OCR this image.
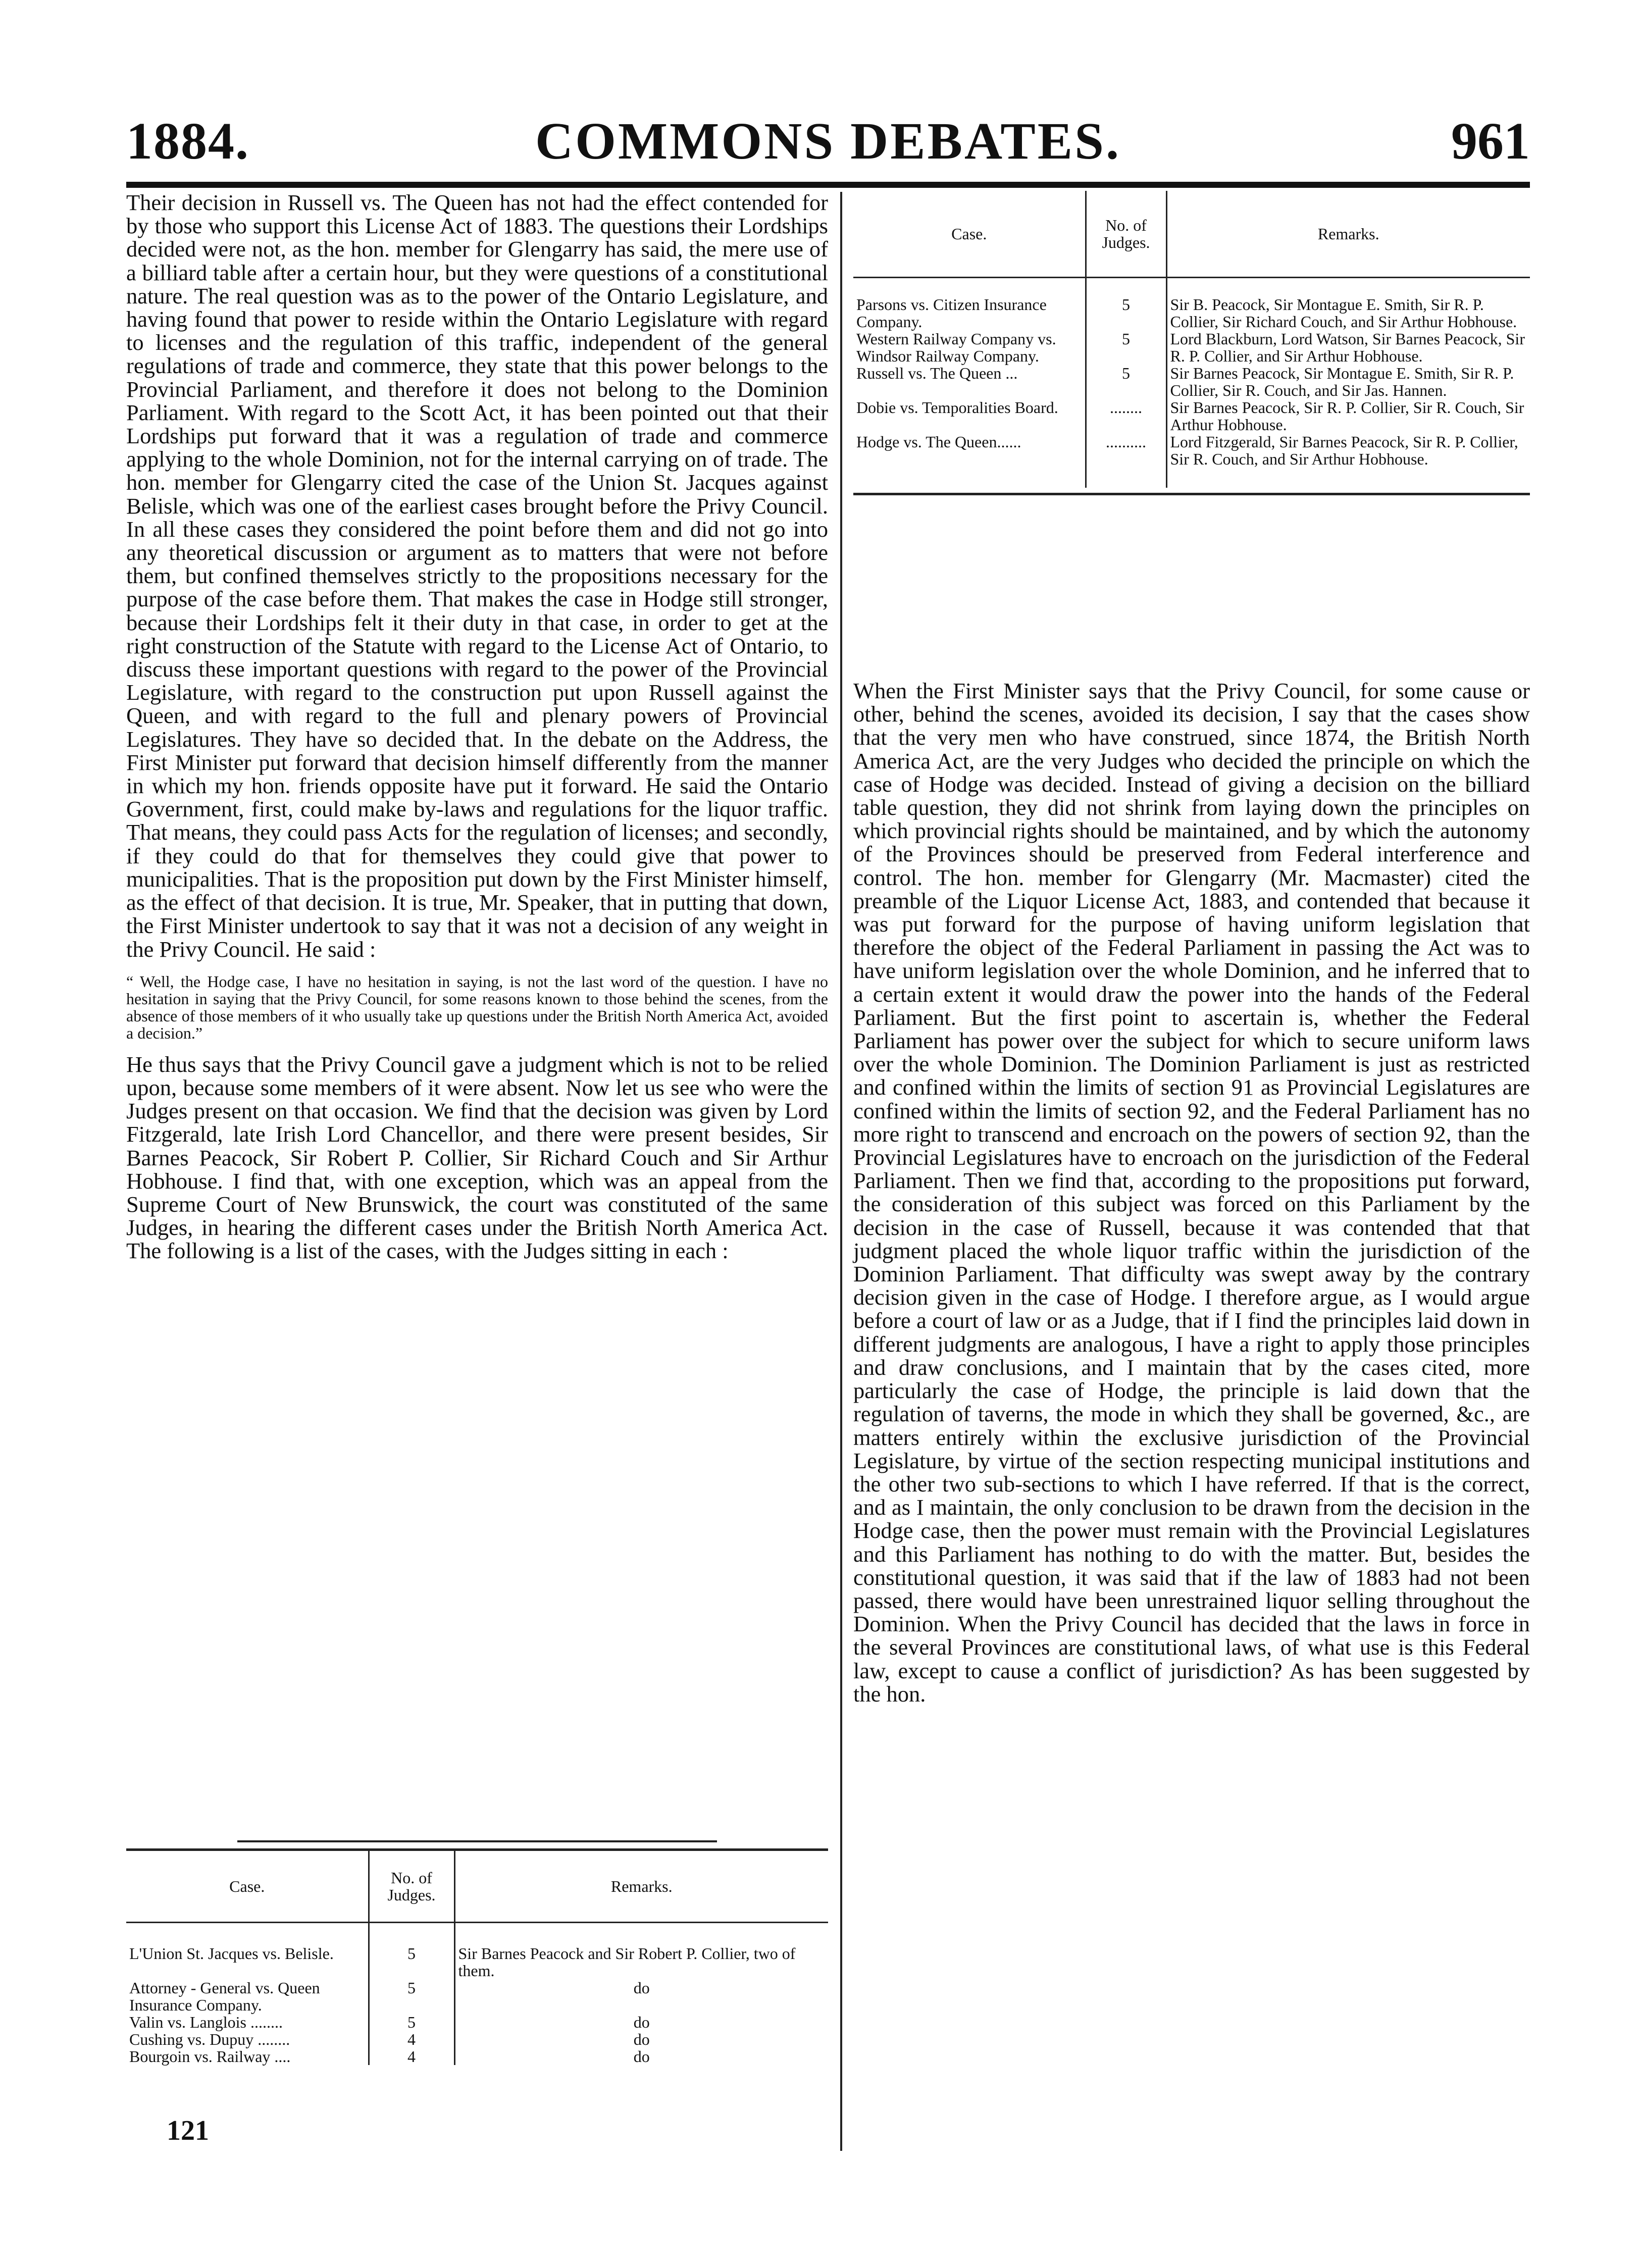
1884.	COMMONS DEBATES.	961

Their decision in Russell vs. The Queen has not had the effect contended for by those who support this License Act of 1883. The questions their Lordships decided were not, as the hon. member for Glengarry has said, the mere use of a billiard table after a certain hour, but they were questions of a constitutional nature. The real question was as to the power of the Ontario Legislature, and having found that power to reside within the Ontario Legislature with regard to licenses and the regulation of this traffic, independent of the general regulations of trade and commerce, they state that this power belongs to the Provincial Parliament, and therefore it does not belong to the Dominion Parliament. With regard to the Scott Act, it has been pointed out that their Lordships put forward that it was a regulation of trade and commerce applying to the whole Dominion, not for the internal carrying on of trade. The hon. member for Glengarry cited the case of the Union St. Jacques against Belisle, which was one of the earliest cases brought before the Privy Council. In all these cases they considered the point before them and did not go into any theoretical discussion or argument as to matters that were not before them, but confined themselves strictly to the propositions necessary for the purpose of the case before them. That makes the case in Hodge still stronger, because their Lordships felt it their duty in that case, in order to get at the right construction of the Statute with regard to the License Act of Ontario, to discuss these important questions with regard to the power of the Provincial Legislature, with regard to the construction put upon Russell against the Queen, and with regard to the full and plenary powers of Provincial Legislatures. They have so decided that. In the debate on the Address, the First Minister put forward that decision himself differently from the manner in which my hon. friends opposite have put it forward. He said the Ontario Government, first, could make by-laws and regulations for the liquor traffic. That means, they could pass Acts for the regulation of licenses; and secondly, if they could do that for themselves they could give that power to municipalities. That is the proposition put down by the First Minister himself, as the effect of that decision. It is true, Mr. Speaker, that in putting that down, the First Minister undertook to say that it was not a decision of any weight in the Privy Council. He said :

“ Well, the Hodge case, I have no hesitation in saying, is not the last word of the question. I have no hesitation in saying that the Privy Council, for some reasons known to those behind the scenes, from the absence of those members of it who usually take up questions under the British North America Act, avoided a decision.”

He thus says that the Privy Council gave a judgment which is not to be relied upon, because some members of it were absent. Now let us see who were the Judges present on that occasion. We find that the decision was given by Lord Fitzgerald, late Irish Lord Chancellor, and there were present besides, Sir Barnes Peacock, Sir Robert P. Collier, Sir Richard Couch and Sir Arthur Hobhouse. I find that, with one exception, which was an appeal from the Supreme Court of New Brunswick, the court was constituted of the same Judges, in hearing the different cases under the British North America Act. The following is a list of the cases, with the Judges sitting in each :

Case.	No. of Judges.	Remarks.

L'Union St. Jacques vs. Belisle.	5	Sir Barnes Peacock and Sir Robert P. Collier, two of them.
Attorney - General vs. Queen Insurance Company.	5	do
Valin vs. Langlois ........	5	do
Cushing vs. Dupuy ........	4	do
Bourgoin vs. Railway ....	4	do
121
Case.	No. of Judges.	Remarks.

Parsons vs. Citizen Insurance Company.	5	Sir B. Peacock, Sir Montague E. Smith, Sir R. P. Collier, Sir Richard Couch, and Sir Arthur Hobhouse.
Western Railway Company vs. Windsor Railway Company.	5	Lord Blackburn, Lord Watson, Sir Barnes Peacock, Sir R. P. Collier, and Sir Arthur Hobhouse.
Russell vs. The Queen ...	5	Sir Barnes Peacock, Sir Montague E. Smith, Sir R. P. Collier, Sir R. Couch, and Sir Jas. Hannen.
Dobie vs. Temporalities Board.	........	Sir Barnes Peacock, Sir R. P. Collier, Sir R. Couch, Sir Arthur Hobhouse.
Hodge vs. The Queen......	..........	Lord Fitzgerald, Sir Barnes Peacock, Sir R. P. Collier, Sir R. Couch, and Sir Arthur Hobhouse.

When the First Minister says that the Privy Council, for some cause or other, behind the scenes, avoided its decision, I say that the cases show that the very men who have construed, since 1874, the British North America Act, are the very Judges who decided the principle on which the case of Hodge was decided. Instead of giving a decision on the billiard table question, they did not shrink from laying down the principles on which provincial rights should be maintained, and by which the autonomy of the Provinces should be preserved from Federal interference and control. The hon. member for Glengarry (Mr. Macmaster) cited the preamble of the Liquor License Act, 1883, and contended that because it was put forward for the purpose of having uniform legislation that therefore the object of the Federal Parliament in passing the Act was to have uniform legislation over the whole Dominion, and he inferred that to a certain extent it would draw the power into the hands of the Federal Parliament. But the first point to ascertain is, whether the Federal Parliament has power over the subject for which to secure uniform laws over the whole Dominion. The Dominion Parliament is just as restricted and confined within the limits of section 91 as Provincial Legislatures are confined within the limits of section 92, and the Federal Parliament has no more right to transcend and encroach on the powers of section 92, than the Provincial Legislatures have to encroach on the jurisdiction of the Federal Parliament. Then we find that, according to the propositions put forward, the consideration of this subject was forced on this Parliament by the decision in the case of Russell, because it was contended that that judgment placed the whole liquor traffic within the jurisdiction of the Dominion Parliament. That difficulty was swept away by the contrary decision given in the case of Hodge. I therefore argue, as I would argue before a court of law or as a Judge, that if I find the principles laid down in different judgments are analogous, I have a right to apply those principles and draw conclusions, and I maintain that by the cases cited, more particularly the case of Hodge, the principle is laid down that the regulation of taverns, the mode in which they shall be governed, &c., are matters entirely within the exclusive jurisdiction of the Provincial Legislature, by virtue of the section respecting municipal institutions and the other two sub-sections to which I have referred. If that is the correct, and as I maintain, the only conclusion to be drawn from the decision in the Hodge case, then the power must remain with the Provincial Legislatures and this Parliament has nothing to do with the matter. But, besides the constitutional question, it was said that if the law of 1883 had not been passed, there would have been unrestrained liquor selling throughout the Dominion. When the Privy Council has decided that the laws in force in the several Provinces are constitutional laws, of what use is this Federal law, except to cause a conflict of jurisdiction? As has been suggested by the hon.
